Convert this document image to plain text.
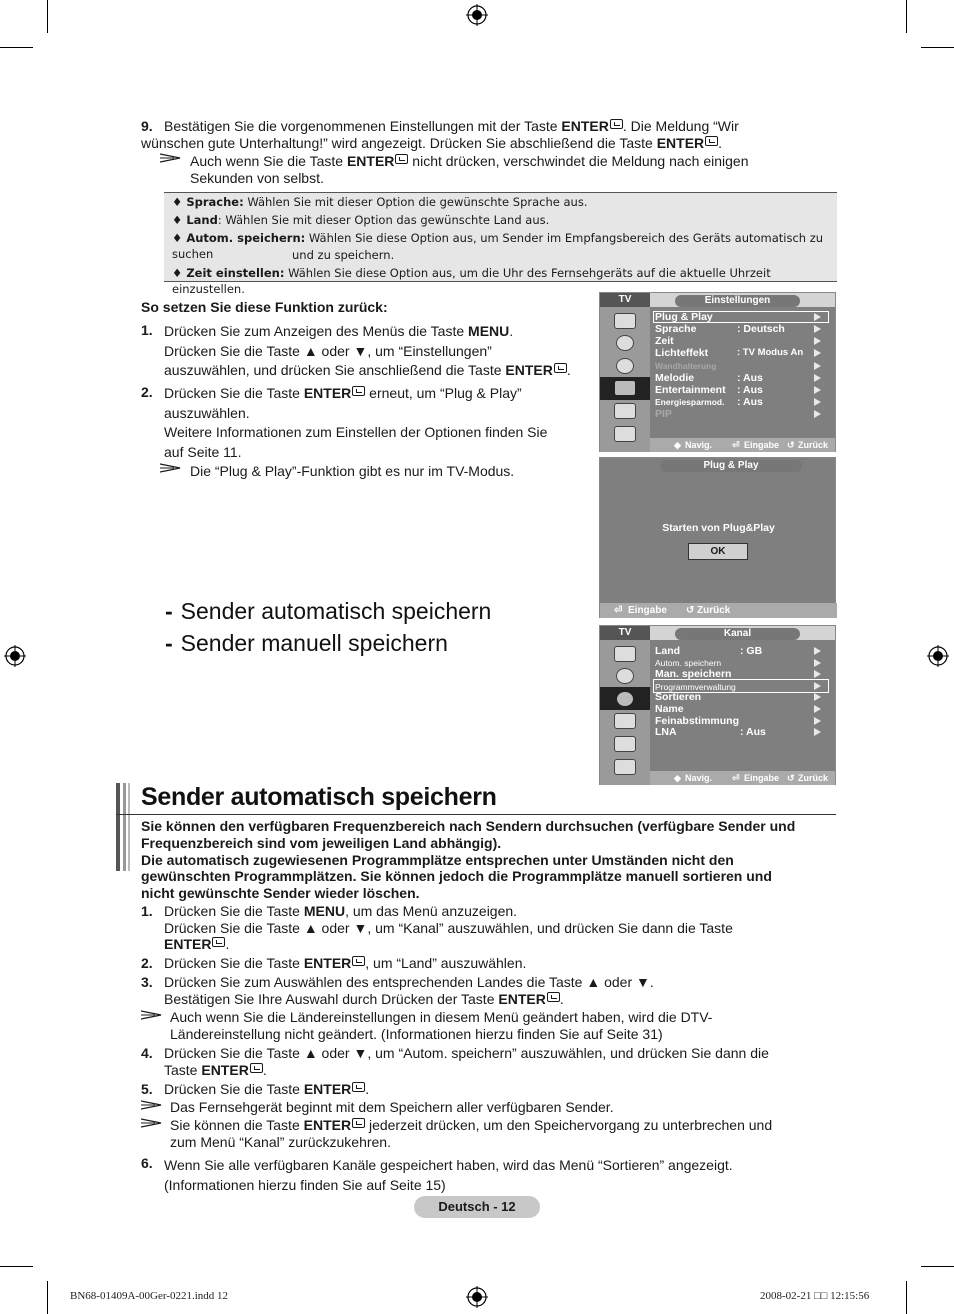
9. Bestätigen Sie die vorgenommenen Einstellungen mit der Taste ENTER . Die Meldung “Wir
wünschen gute Unterhaltung!” wird angezeigt. Drücken Sie abschließend die Taste ENTER .
Auch wenn Sie die Taste ENTER nicht drücken, verschwindet die Meldung nach einigen
Sekunden von selbst.
♦ Sprache: Wählen Sie mit dieser Option die gewünschte Sprache aus.
♦ Land: Wählen Sie mit dieser Option das gewünschte Land aus.
♦ Autom. speichern: Wählen Sie diese Option aus, um Sender im Empfangsbereich des Geräts automatisch zu suchen	und zu speichern.
♦ Zeit einstellen: Wählen Sie diese Option aus, um die Uhr des Fernsehgeräts auf die aktuelle Uhrzeit einzustellen.
So setzen Sie diese Funktion zurück:
1. Drücken Sie zum Anzeigen des Menüs die Taste MENU.
Drücken Sie die Taste ▲ oder ▼, um “Einstellungen”
auszuwählen, und drücken Sie anschließend die Taste ENTER .
2. Drücken Sie die Taste ENTER erneut, um “Plug & Play”
auszuwählen.
Weitere Informationen zum Einstellen der Optionen finden Sie
auf Seite 11.
Die “Plug & Play”-Funktion gibt es nur im TV-Modus.
TV	Einstellungen
Plug & Play
Sprache	: Deutsch
Zeit
Lichteffekt	: TV Modus An
Wandhalterung
Melodie	: Aus
Entertainment : Aus
Energiesparmod. : Aus
PIP
◆ Navig. ⏎ Eingabe ↺ Zurück
Plug & Play
Starten von Plug&Play
OK
⏎ Eingabe ↺ Zurück
TV	Kanal
Land	: GB
Autom. speichern
Man. speichern
Programmverwaltung
Sortieren
Name
Feinabstimmung
LNA	: Aus
◆ Navig. ⏎ Eingabe ↺ Zurück
- Sender automatisch speichern
- Sender manuell speichern
Sender automatisch speichern
Sie können den verfügbaren Frequenzbereich nach Sendern durchsuchen (verfügbare Sender und
Frequenzbereich sind vom jeweiligen Land abhängig).
Die automatisch zugewiesenen Programmplätze entsprechen unter Umständen nicht den
gewünschten Programmplätzen. Sie können jedoch die Programmplätze manuell sortieren und
nicht gewünschte Sender wieder löschen.
1. Drücken Sie die Taste MENU, um das Menü anzuzeigen.
Drücken Sie die Taste ▲ oder ▼, um “Kanal” auszuwählen, und drücken Sie dann die Taste
ENTER .
2. Drücken Sie die Taste ENTER , um “Land” auszuwählen.
3. Drücken Sie zum Auswählen des entsprechenden Landes die Taste ▲ oder ▼.
Bestätigen Sie Ihre Auswahl durch Drücken der Taste ENTER .
Auch wenn Sie die Ländereinstellungen in diesem Menü geändert haben, wird die DTV-
Ländereinstellung nicht geändert. (Informationen hierzu finden Sie auf Seite 31)
4. Drücken Sie die Taste ▲ oder ▼, um “Autom. speichern” auszuwählen, und drücken Sie dann die
Taste ENTER .
5. Drücken Sie die Taste ENTER .
Das Fernsehgerät beginnt mit dem Speichern aller verfügbaren Sender.
Sie können die Taste ENTER jederzeit drücken, um den Speichervorgang zu unterbrechen und
zum Menü “Kanal” zurückzukehren.
6. Wenn Sie alle verfügbaren Kanäle gespeichert haben, wird das Menü “Sortieren” angezeigt.
(Informationen hierzu finden Sie auf Seite 15)
Deutsch - 12
BN68-01409A-00Ger-0221.indd 12	2008-02-21 □□ 12:15:56
